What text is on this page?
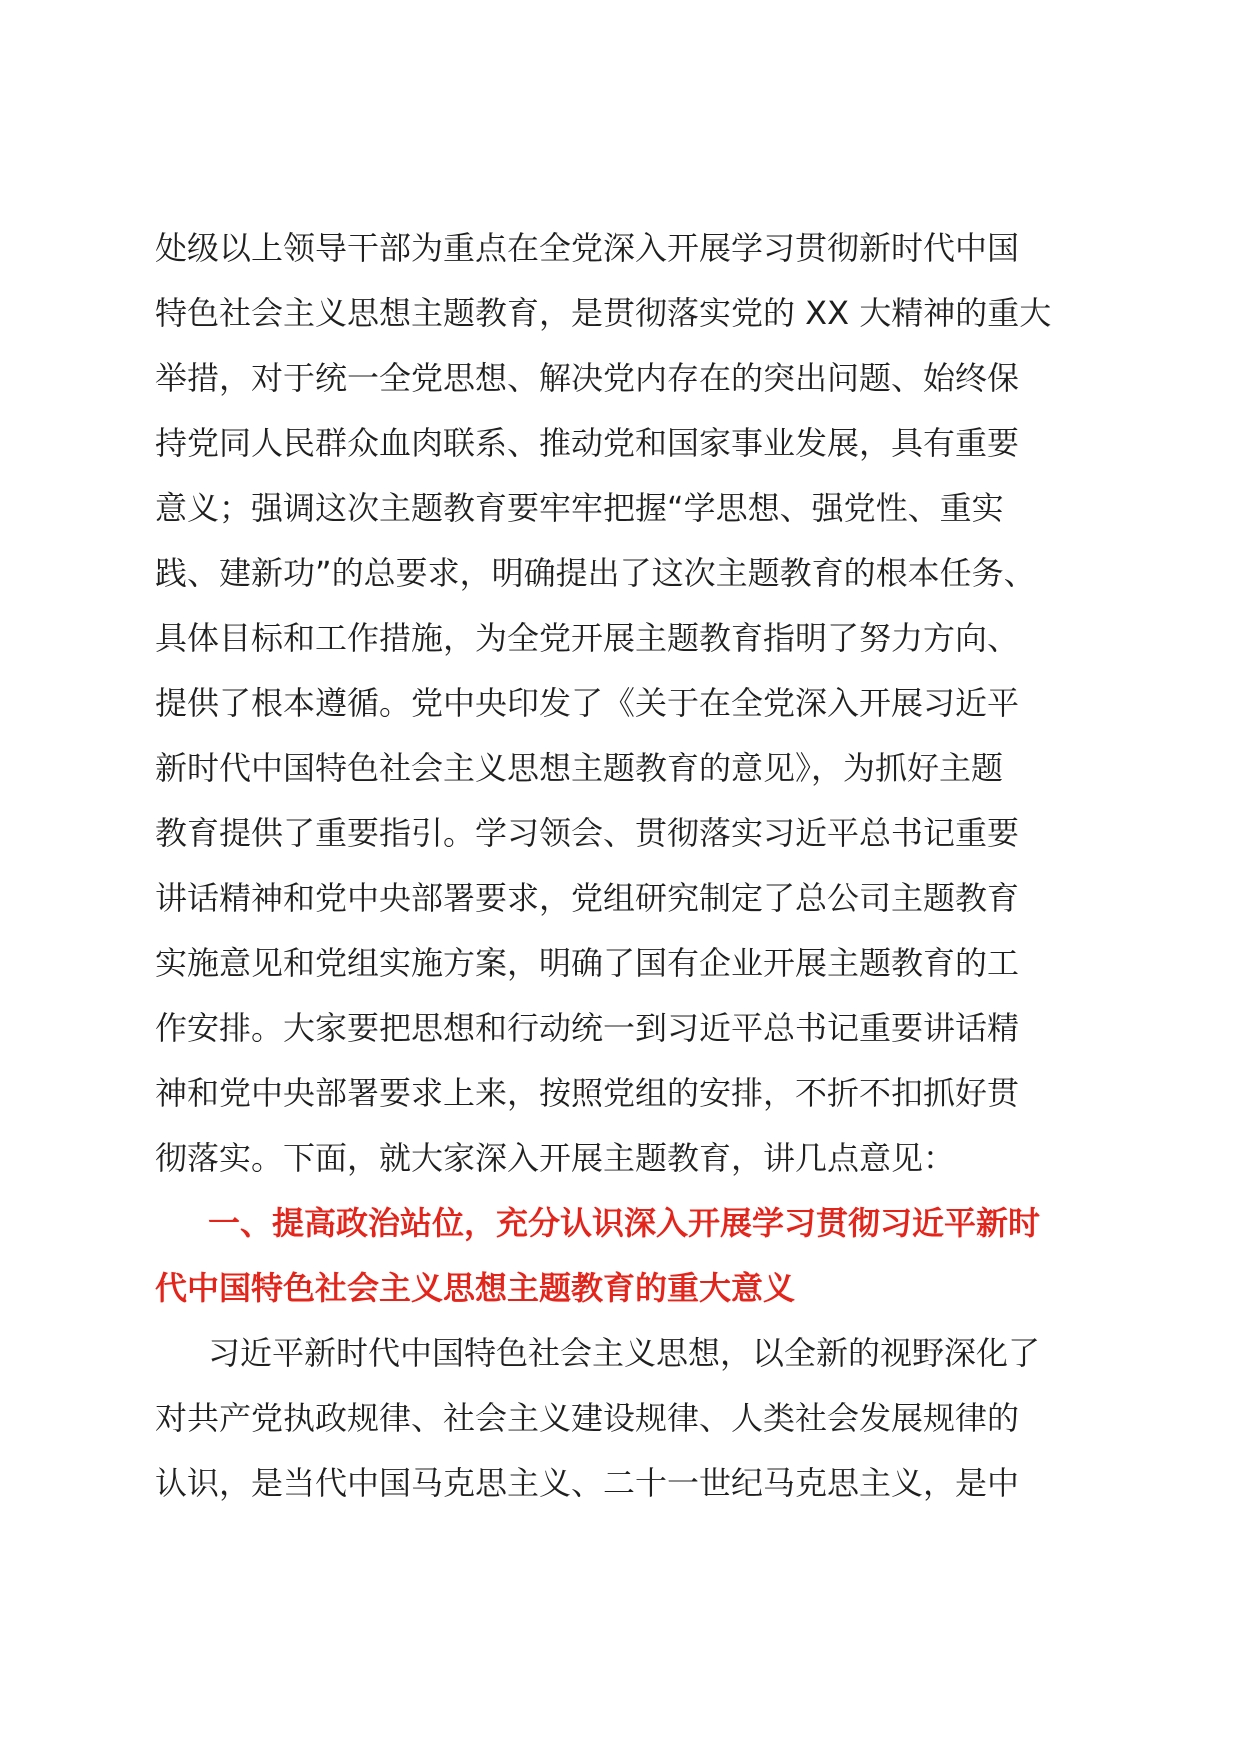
处级以上领导干部为重点在全党深入开展学习贯彻新时代中国
特色社会主义思想主题教育，是贯彻落实党的 XX 大精神的重大
举措，对于统一全党思想、解决党内存在的突出问题、始终保
持党同人民群众血肉联系、推动党和国家事业发展，具有重要
意义；强调这次主题教育要牢牢把握“学思想、强党性、重实
践、建新功”的总要求，明确提出了这次主题教育的根本任务、
具体目标和工作措施，为全党开展主题教育指明了努力方向、
提供了根本遵循。党中央印发了《关于在全党深入开展习近平
新时代中国特色社会主义思想主题教育的意见》，为抓好主题
教育提供了重要指引。学习领会、贯彻落实习近平总书记重要
讲话精神和党中央部署要求，党组研究制定了总公司主题教育
实施意见和党组实施方案，明确了国有企业开展主题教育的工
作安排。大家要把思想和行动统一到习近平总书记重要讲话精
神和党中央部署要求上来，按照党组的安排，不折不扣抓好贯
彻落实。下面，就大家深入开展主题教育，讲几点意见：
一、提高政治站位，充分认识深入开展学习贯彻习近平新时
代中国特色社会主义思想主题教育的重大意义
习近平新时代中国特色社会主义思想，以全新的视野深化了
对共产党执政规律、社会主义建设规律、人类社会发展规律的
认识，是当代中国马克思主义、二十一世纪马克思主义，是中
